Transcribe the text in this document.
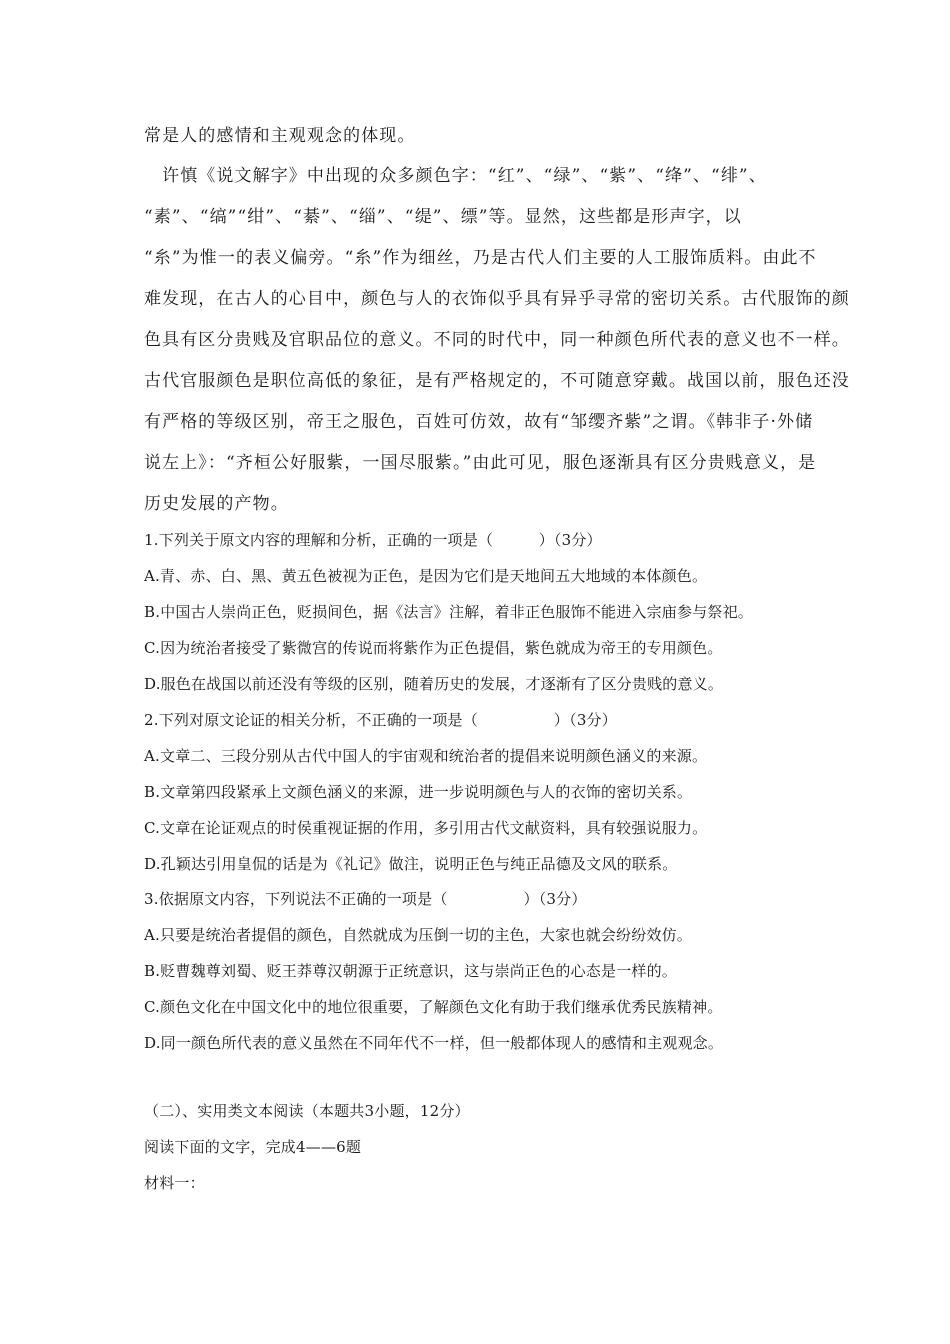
常是人的感情和主观观念的体现。
　许慎《说文解字》中出现的众多颜色字：“红”、“绿”、“紫”、“绛”、“绯”、
“素”、“缟”“绀”、“綦”、“缁”、“缇”、缥”等。显然，这些都是形声字，以
“糸”为惟一的表义偏旁。“糸”作为细丝，乃是古代人们主要的人工服饰质料。由此不
难发现，在古人的心目中，颜色与人的衣饰似乎具有异乎寻常的密切关系。古代服饰的颜
色具有区分贵贱及官职品位的意义。不同的时代中，同一种颜色所代表的意义也不一样。
古代官服颜色是职位高低的象征，是有严格规定的，不可随意穿戴。战国以前，服色还没
有严格的等级区别，帝王之服色，百姓可仿效，故有“邹缨齐紫”之谓。《韩非子·外储
说左上》：“齐桓公好服紫，一国尽服紫。”由此可见，服色逐渐具有区分贵贱意义，是
历史发展的产物。
1.下列关于原文内容的理解和分析，正确的一项是（　　　）（3分）
A.青、赤、白、黑、黄五色被视为正色，是因为它们是天地间五大地域的本体颜色。
B.中国古人崇尚正色，贬损间色，据《法言》注解，着非正色服饰不能进入宗庙参与祭祀。
C.因为统治者接受了紫微宫的传说而将紫作为正色提倡，紫色就成为帝王的专用颜色。
D.服色在战国以前还没有等级的区别，随着历史的发展，才逐渐有了区分贵贱的意义。
2.下列对原文论证的相关分析，不正确的一项是（　　　　　）（3分）
A.文章二、三段分别从古代中国人的宇宙观和统治者的提倡来说明颜色涵义的来源。
B.文章第四段紧承上文颜色涵义的来源，进一步说明颜色与人的衣饰的密切关系。
C.文章在论证观点的时侯重视证据的作用，多引用古代文献资料，具有较强说服力。
D.孔颖达引用皇侃的话是为《礼记》做注，说明正色与纯正品德及文风的联系。
3.依据原文内容，下列说法不正确的一项是（　　　　　）（3分）
A.只要是统治者提倡的颜色，自然就成为压倒一切的主色，大家也就会纷纷效仿。
B.贬曹魏尊刘蜀、贬王莽尊汉朝源于正统意识，这与崇尚正色的心态是一样的。
C.颜色文化在中国文化中的地位很重要，了解颜色文化有助于我们继承优秀民族精神。
D.同一颜色所代表的意义虽然在不同年代不一样，但一般都体现人的感情和主观观念。
（二）、实用类文本阅读（本题共3小题，12分）
阅读下面的文字，完成4——6题
材料一：
